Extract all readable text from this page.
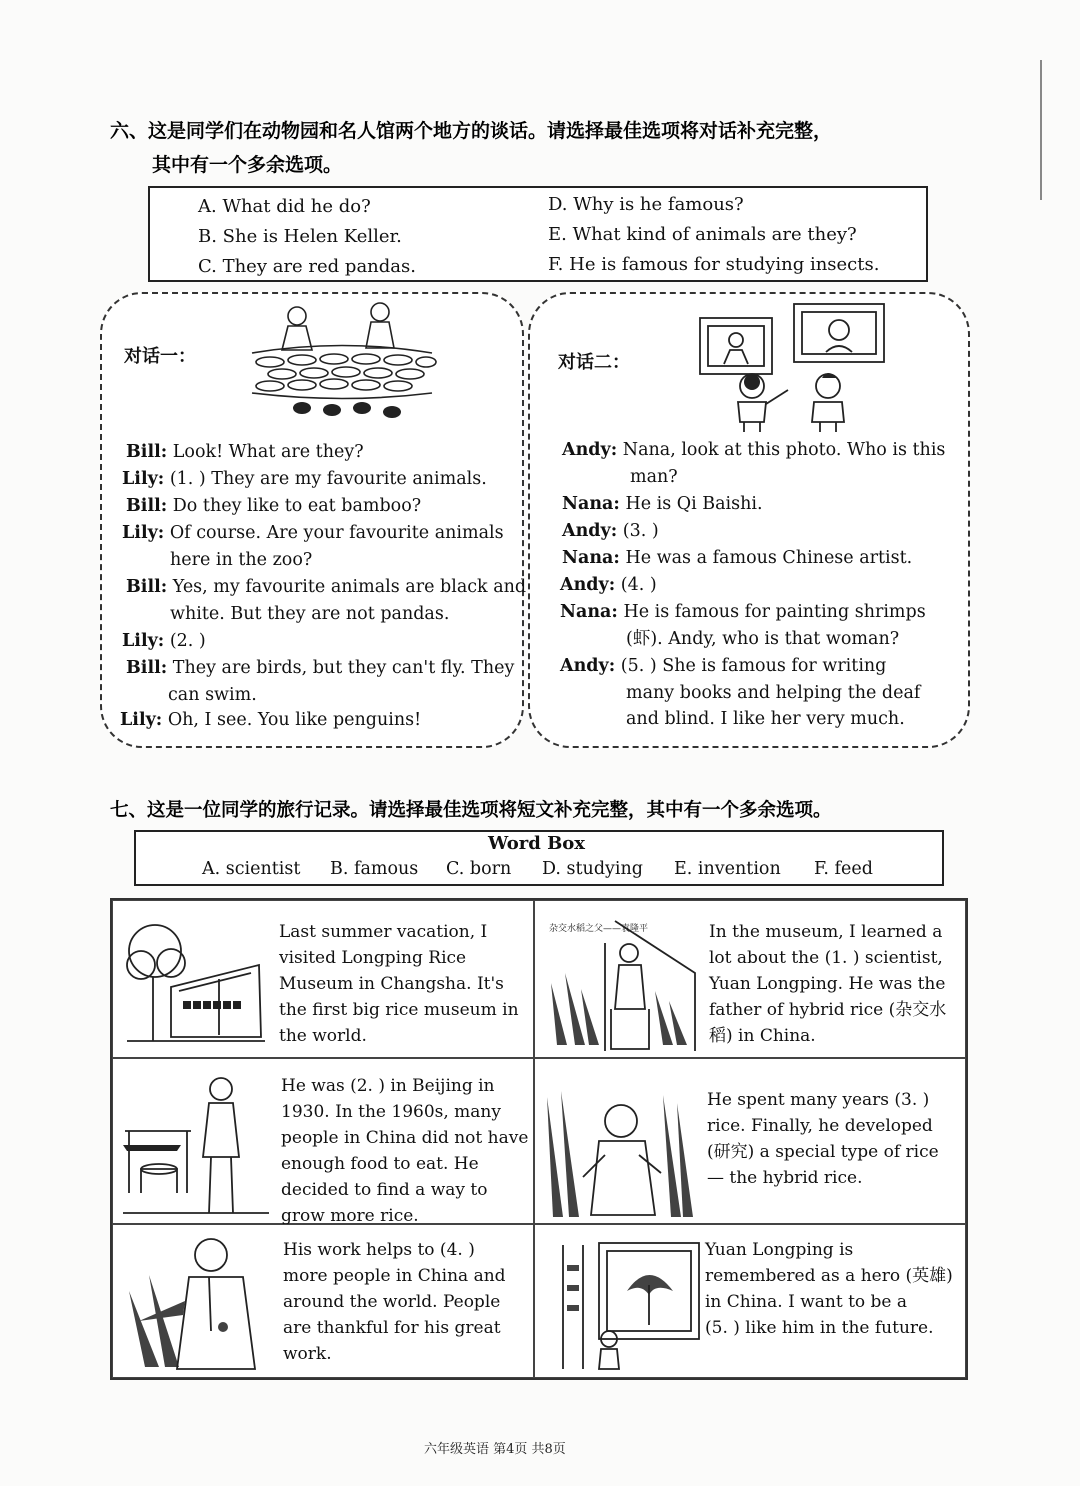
六、这是同学们在动物园和名人馆两个地方的谈话。请选择最佳选项将对话补充完整，
其中有一个多余选项。
A. What did he do?
B. She is Helen Keller.
C. They are red pandas.
D. Why is he famous?
E. What kind of animals are they?
F. He is famous for studying insects.
对话一：
Bill: Look! What are they?
Lily: (1. ) They are my favourite animals.
Bill: Do they like to eat bamboo?
Lily: Of course. Are your favourite animals
here in the zoo?
Bill: Yes, my favourite animals are black and
white. But they are not pandas.
Lily: (2. )
Bill: They are birds, but they can't fly. They
can swim.
Lily: Oh, I see. You like penguins!
对话二：
Andy: Nana, look at this photo. Who is this
man?
Nana: He is Qi Baishi.
Andy: (3. )
Nana: He was a famous Chinese artist.
Andy: (4. )
Nana: He is famous for painting shrimps
(虾). Andy, who is that woman?
Andy: (5. ) She is famous for writing
many books and helping the deaf
and blind. I like her very much.
七、这是一位同学的旅行记录。请选择最佳选项将短文补充完整，其中有一个多余选项。
Word Box
A. scientist B. famous C. born D. studying E. invention F. feed
Last summer vacation, I
visited Longping Rice
Museum in Changsha. It's
the first big rice museum in
the world.
杂交水稻之父——袁隆平	In the museum, I learned a
lot about the (1. ) scientist,
Yuan Longping. He was the
father of hybrid rice (杂交水
稻) in China.
He was (2. ) in Beijing in
1930. In the 1960s, many
people in China did not have
enough food to eat. He
decided to find a way to
grow more rice.
He spent many years (3. )
rice. Finally, he developed
(研究) a special type of rice
— the hybrid rice.
His work helps to (4. )
more people in China and
around the world. People
are thankful for his great
work.
Yuan Longping is
remembered as a hero (英雄)
in China. I want to be a
(5. ) like him in the future.
六年级英语 第4页 共8页
